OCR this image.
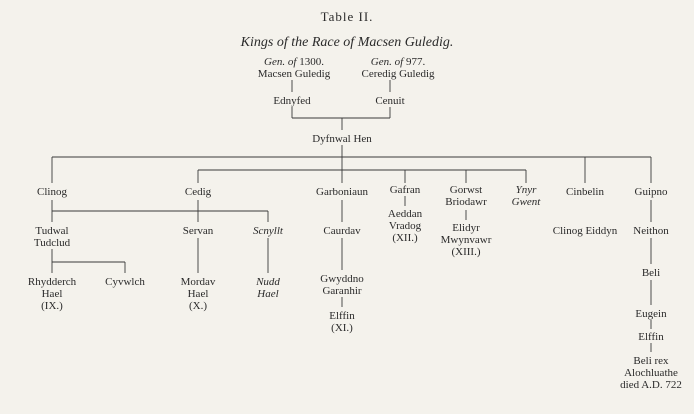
Table II.
Kings of the Race of Macsen Guledig.
Gen. of 1300.	Gen. of 977.
Macsen Guledig	Ceredig Guledig
Ednyfed	Cenuit
Dyfnwal Hen
Clinog	Cedig	Garboniaun Gafran	Gorwst
Briodawr
Ynyr
Gwent
Cinbelin	Guipno
Tudwal
Tudclud
Servan	Scnyllt	Caurdav
Aeddan
Vradog
(XII.)
Elidyr
Mwynvawr
(XIII.)
Clinog Eiddyn Neithon
Rhydderch
Hael
(IX.)
Cyvwlch	Mordav
Hael
(X.)
Nudd
Hael
Gwyddno
Garanhir
Elffin
(XI.)
Beli
Eugein
Elffin
Beli rex
Alochluathe
died A.D. 722
